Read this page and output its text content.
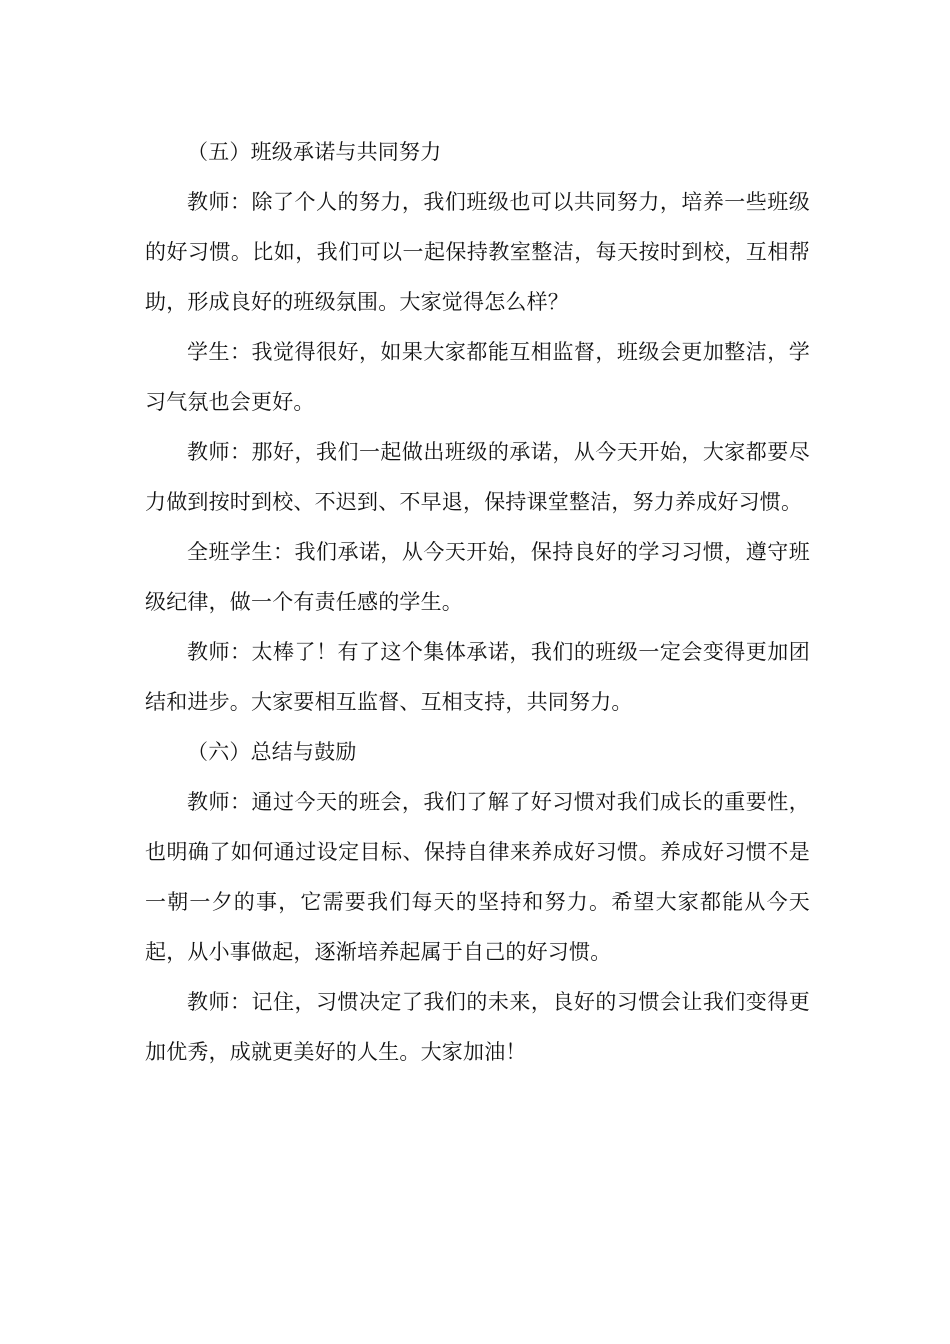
（五）班级承诺与共同努力

教师：除了个人的努力，我们班级也可以共同努力，培养一些班级的好习惯。比如，我们可以一起保持教室整洁，每天按时到校，互相帮助，形成良好的班级氛围。大家觉得怎么样？

学生：我觉得很好，如果大家都能互相监督，班级会更加整洁，学习气氛也会更好。

教师：那好，我们一起做出班级的承诺，从今天开始，大家都要尽力做到按时到校、不迟到、不早退，保持课堂整洁，努力养成好习惯。

全班学生：我们承诺，从今天开始，保持良好的学习习惯，遵守班级纪律，做一个有责任感的学生。

教师：太棒了！有了这个集体承诺，我们的班级一定会变得更加团结和进步。大家要相互监督、互相支持，共同努力。

（六）总结与鼓励

教师：通过今天的班会，我们了解了好习惯对我们成长的重要性，也明确了如何通过设定目标、保持自律来养成好习惯。养成好习惯不是一朝一夕的事，它需要我们每天的坚持和努力。希望大家都能从今天起，从小事做起，逐渐培养起属于自己的好习惯。

教师：记住，习惯决定了我们的未来，良好的习惯会让我们变得更加优秀，成就更美好的人生。大家加油！
